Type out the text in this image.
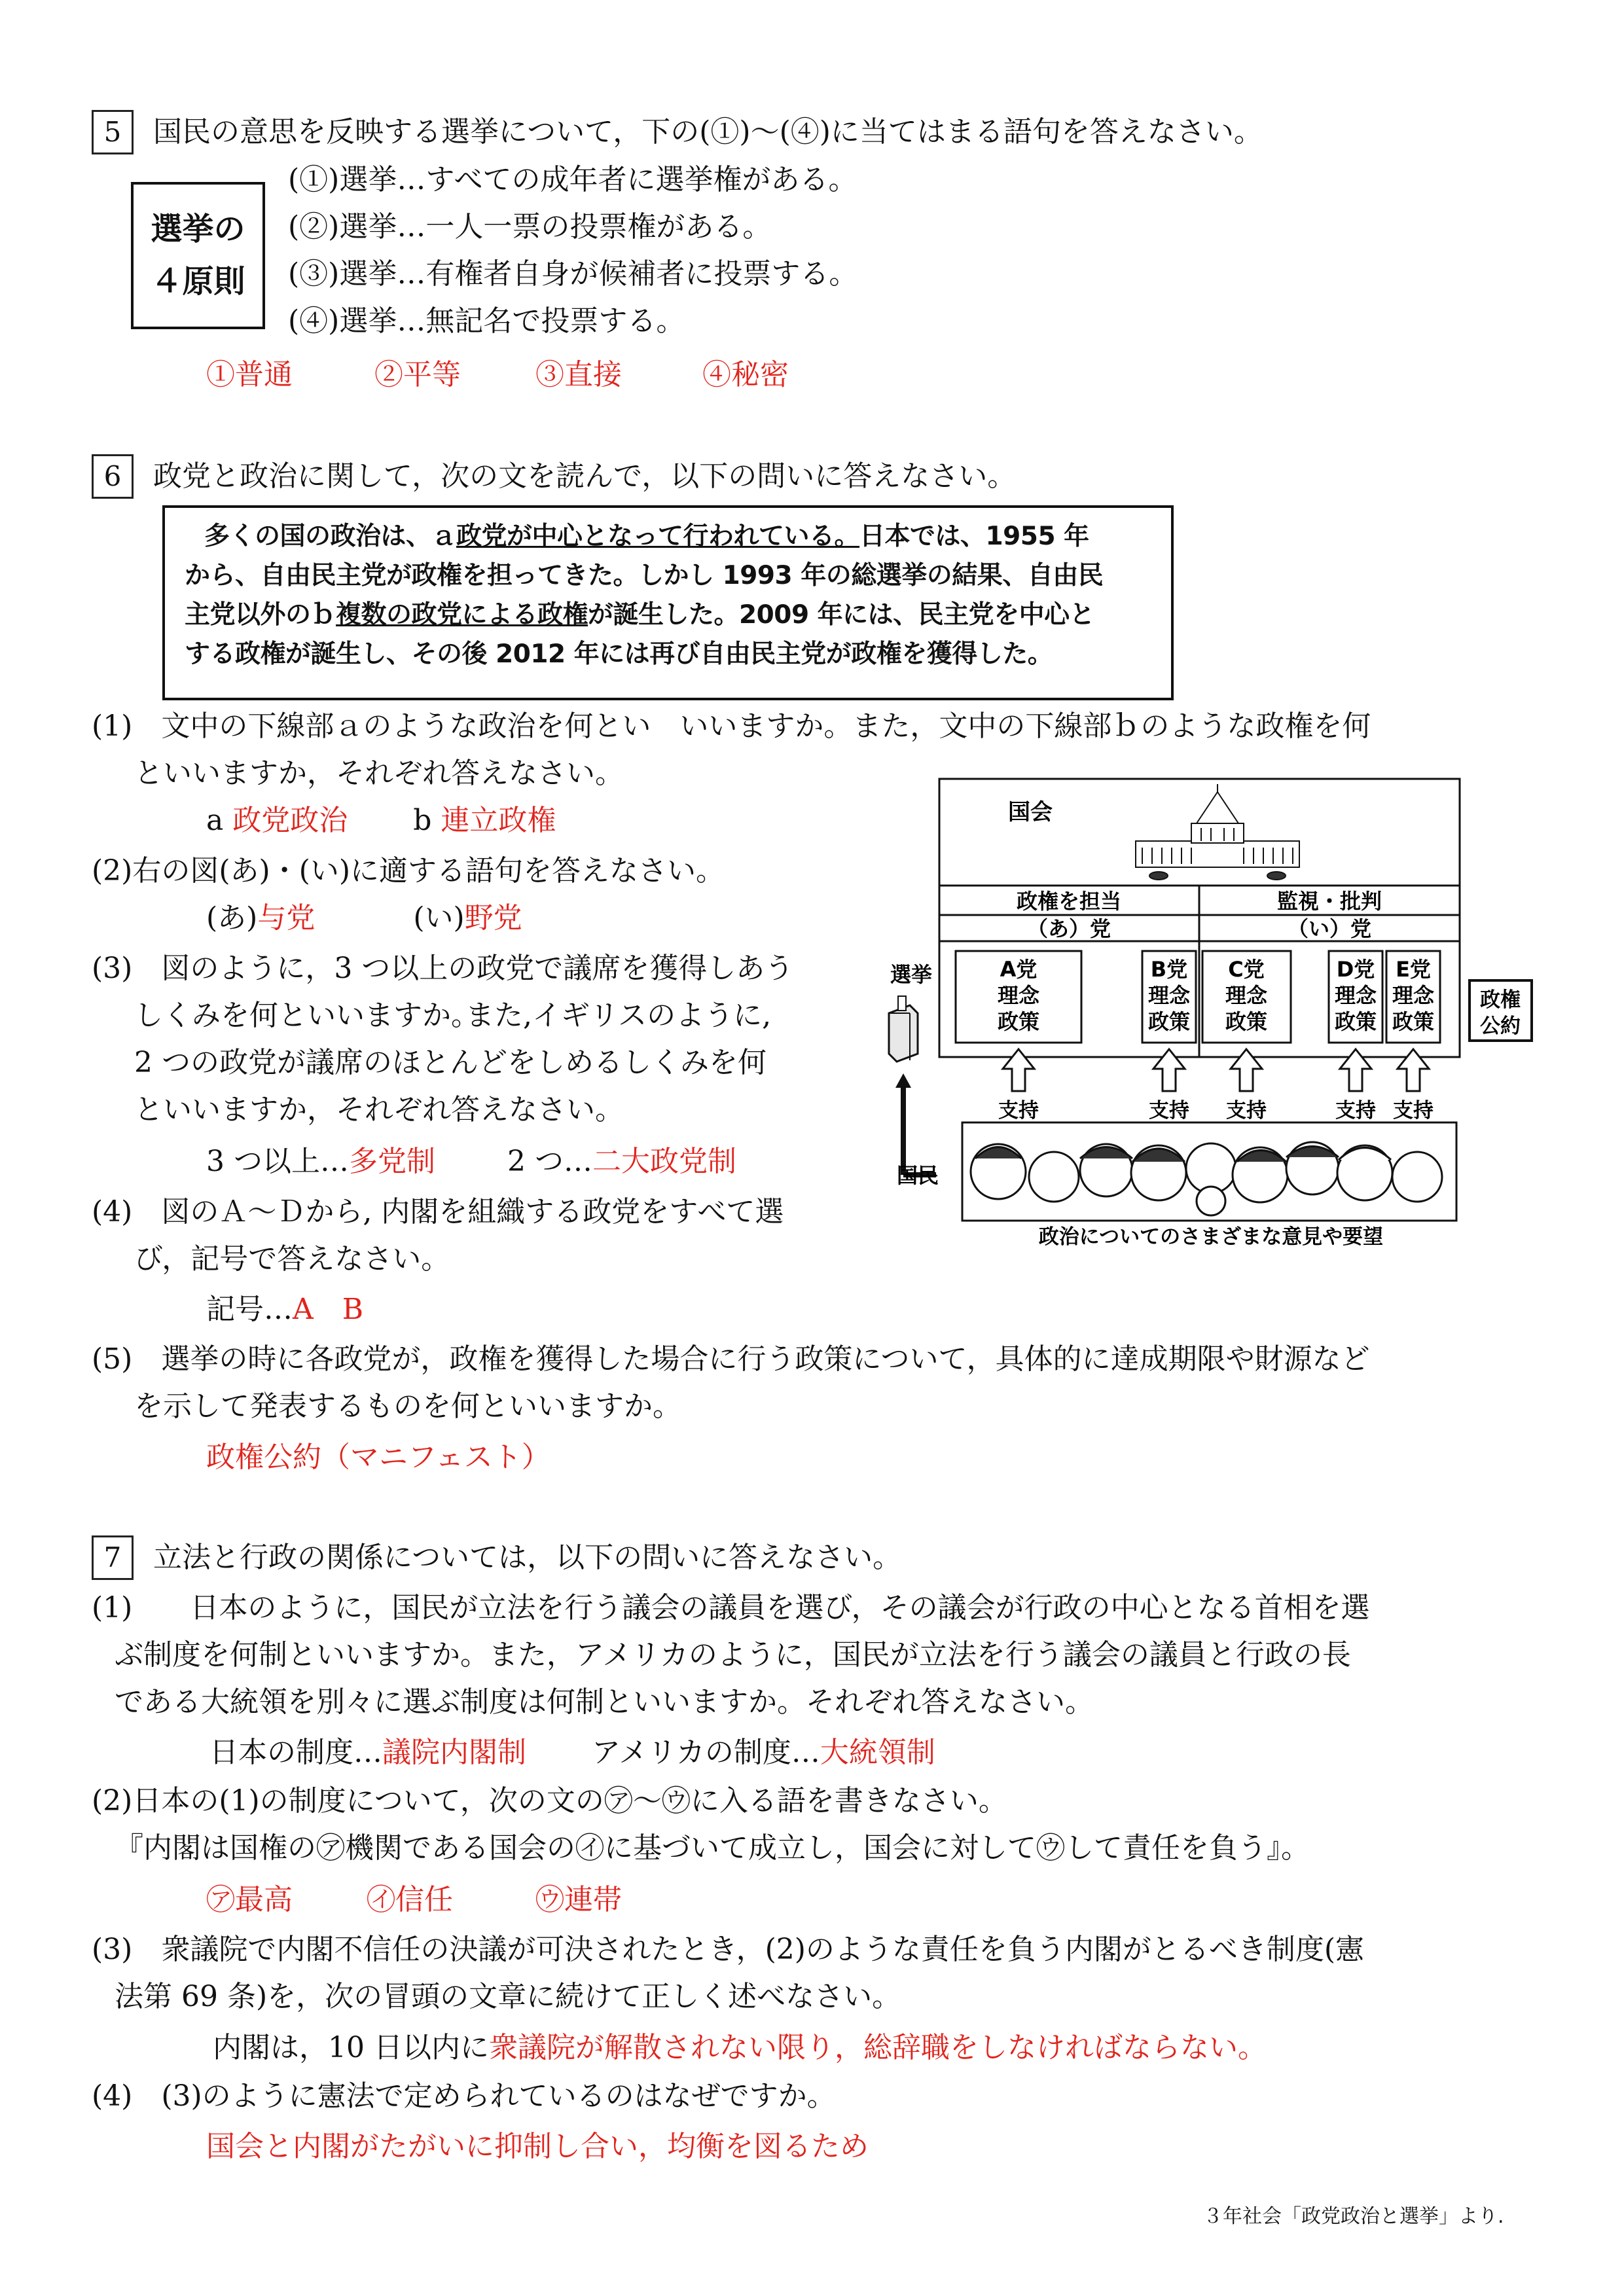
5 国民の意思を反映する選挙について，下の(①)〜(④)に当てはまる語句を答えなさい。
選挙の
４原則
(①)選挙…すべての成年者に選挙権がある。
(②)選挙…一人一票の投票権がある。
(③)選挙…有権者自身が候補者に投票する。
(④)選挙…無記名で投票する。
①普通	②平等	③直接	④秘密
6 政党と政治に関して，次の文を読んで，以下の問いに答えなさい。
多くの国の政治は、ａ政党が中心となって行われている。日本では、1955 年
から、自由民主党が政権を担ってきた。しかし 1993 年の総選挙の結果、自由民
主党以外のｂ複数の政党による政権が誕生した。2009 年には、民主党を中心と
する政権が誕生し、その後 2012 年には再び自由民主党が政権を獲得した。
(1)　文中の下線部ａのような政治を何とい　いいますか。また，文中の下線部ｂのような政権を何
といいますか，それぞれ答えなさい。
a 政党政治 b 連立政権
(2)右の図(あ)・(い)に適する語句を答えなさい。
(あ)与党	(い)野党
(3)　図のように，3 つ以上の政党で議席を獲得しあう
しくみを何といいますか｡また,イギリスのように,
2 つの政党が議席のほとんどをしめるしくみを何
といいますか，それぞれ答えなさい。
3 つ以上…多党制	2 つ…二大政党制
(4)　図のＡ〜Ｄから, 内閣を組織する政党をすべて選
び，記号で答えなさい。
記号…A　B
(5)　選挙の時に各政党が，政権を獲得した場合に行う政策について，具体的に達成期限や財源など
を示して発表するものを何といいますか。
政権公約（マニフェスト）
国会
政権を担当	監視・批判
（あ）党	（い）党
A党
理念
政策
B党
理念
政策
C党
理念
政策
D党
理念
政策
E党
理念
政策
政権
公約
選挙
支持	支持 支持	支持 支持
国民
政治についてのさまざまな意見や要望
7 立法と行政の関係については，以下の問いに答えなさい。
(1)　　日本のように，国民が立法を行う議会の議員を選び，その議会が行政の中心となる首相を選
ぶ制度を何制といいますか。また，アメリカのように，国民が立法を行う議会の議員と行政の長
である大統領を別々に選ぶ制度は何制といいますか。それぞれ答えなさい。
日本の制度…議院内閣制 アメリカの制度…大統領制
(2)日本の(1)の制度について，次の文の㋐〜㋒に入る語を書きなさい。
『内閣は国権の㋐機関である国会の㋑に基づいて成立し，国会に対して㋒して責任を負う』。
㋐最高	㋑信任	㋒連帯
(3)　衆議院で内閣不信任の決議が可決されたとき，(2)のような責任を負う内閣がとるべき制度(憲
法第 69 条)を，次の冒頭の文章に続けて正しく述べなさい。
内閣は，10 日以内に衆議院が解散されない限り，総辞職をしなければならない。
(4)　(3)のように憲法で定められているのはなぜですか。
国会と内閣がたがいに抑制し合い，均衡を図るため
３年社会「政党政治と選挙」より.
